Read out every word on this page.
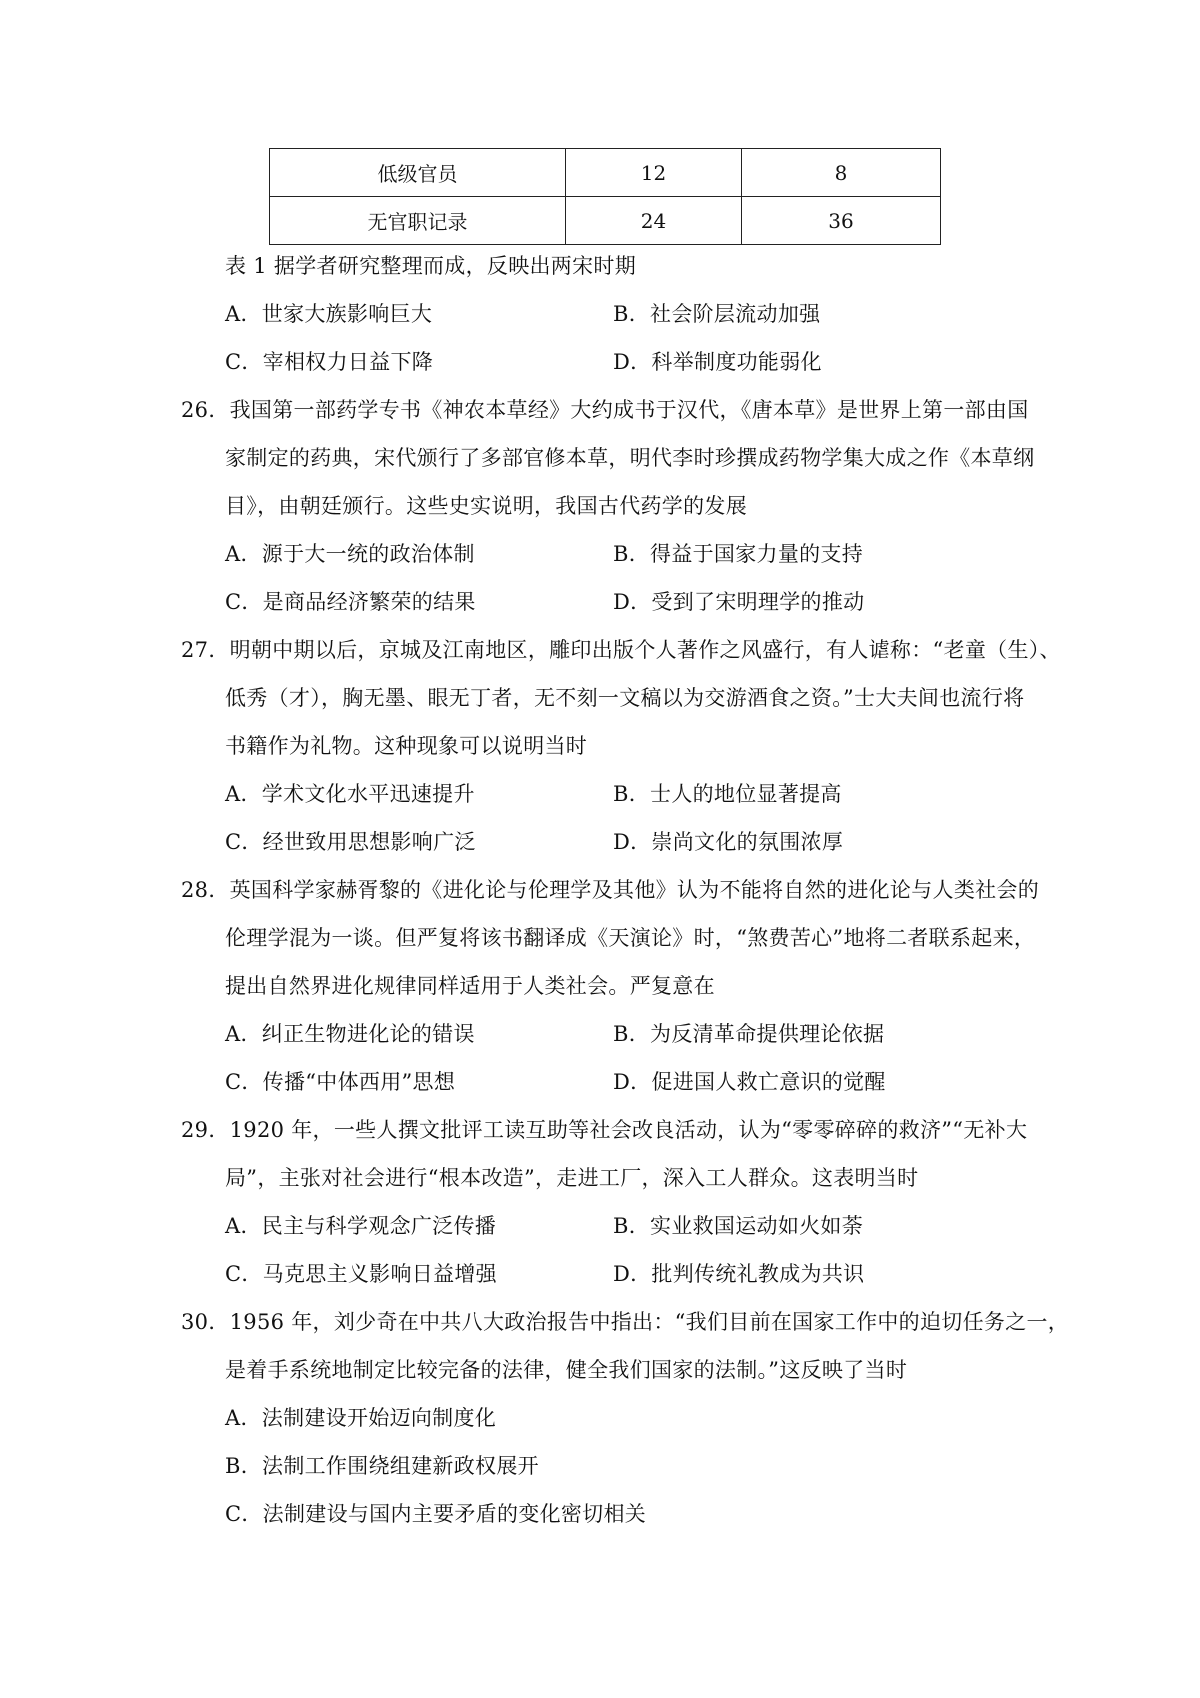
低级官员	12	8
无官职记录	24	36
表 1 据学者研究整理而成，反映出两宋时期
A．世家大族影响巨大	B．社会阶层流动加强
C．宰相权力日益下降	D．科举制度功能弱化
26．我国第一部药学专书《神农本草经》大约成书于汉代，《唐本草》是世界上第一部由国
家制定的药典，宋代颁行了多部官修本草，明代李时珍撰成药物学集大成之作《本草纲
目》，由朝廷颁行。这些史实说明，我国古代药学的发展
A．源于大一统的政治体制	B．得益于国家力量的支持
C．是商品经济繁荣的结果	D．受到了宋明理学的推动
27．明朝中期以后，京城及江南地区，雕印出版个人著作之风盛行，有人谑称：“老童（生）、
低秀（才），胸无墨、眼无丁者，无不刻一文稿以为交游酒食之资。”士大夫间也流行将
书籍作为礼物。这种现象可以说明当时
A．学术文化水平迅速提升	B．士人的地位显著提高
C．经世致用思想影响广泛	D．崇尚文化的氛围浓厚
28．英国科学家赫胥黎的《进化论与伦理学及其他》认为不能将自然的进化论与人类社会的
伦理学混为一谈。但严复将该书翻译成《天演论》时，“煞费苦心”地将二者联系起来，
提出自然界进化规律同样适用于人类社会。严复意在
A．纠正生物进化论的错误	B．为反清革命提供理论依据
C．传播“中体西用”思想	D．促进国人救亡意识的觉醒
29．1920 年，一些人撰文批评工读互助等社会改良活动，认为“零零碎碎的救济”“无补大
局”，主张对社会进行“根本改造”，走进工厂，深入工人群众。这表明当时
A．民主与科学观念广泛传播	B．实业救国运动如火如荼
C．马克思主义影响日益增强	D．批判传统礼教成为共识
30．1956 年，刘少奇在中共八大政治报告中指出：“我们目前在国家工作中的迫切任务之一，
是着手系统地制定比较完备的法律，健全我们国家的法制。”这反映了当时
A．法制建设开始迈向制度化
B．法制工作围绕组建新政权展开
C．法制建设与国内主要矛盾的变化密切相关
